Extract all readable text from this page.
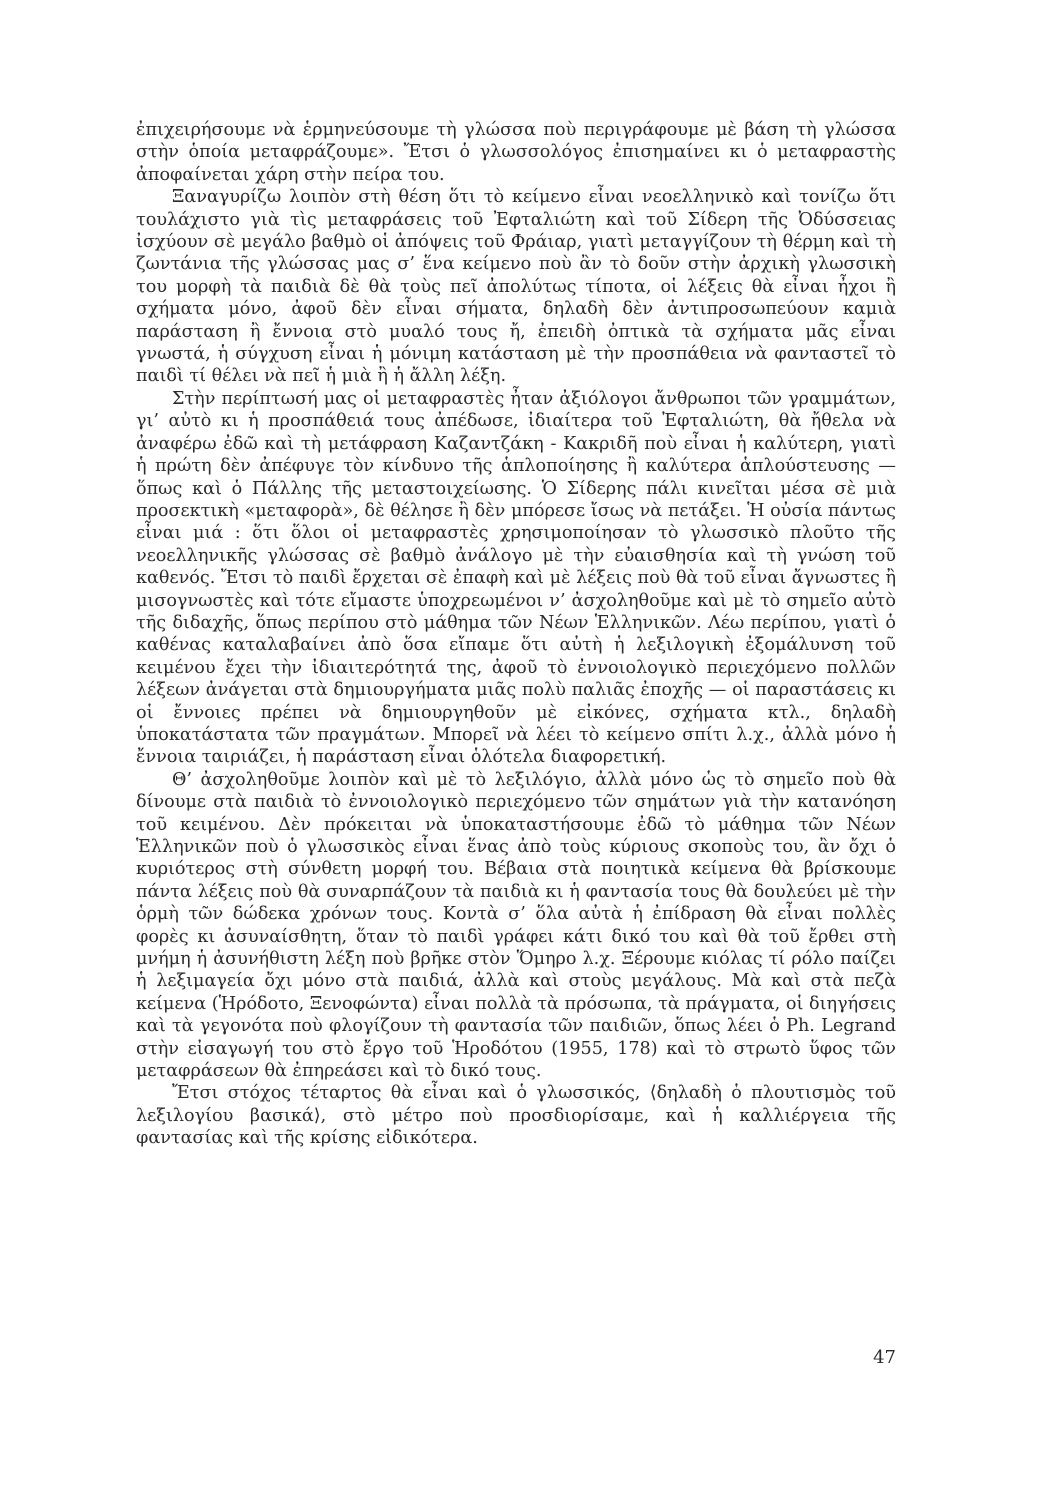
ἐπιχειρήσουμε νὰ ἑρμηνεύσουμε τὴ γλώσσα ποὺ περιγράφουμε μὲ βάση τὴ γλώσσα στὴν ὁποία μεταφράζουμε». Ἔτσι ὁ γλωσσολόγος ἐπισημαίνει κι ὁ μεταφραστὴς ἀποφαίνεται χάρη στὴν πείρα του.

Ξαναγυρίζω λοιπὸν στὴ θέση ὅτι τὸ κείμενο εἶναι νεοελληνικὸ καὶ τονίζω ὅτι τουλάχιστο γιὰ τὶς μεταφράσεις τοῦ Ἐφταλιώτη καὶ τοῦ Σίδερη τῆς Ὀδύσσειας ἰσχύουν σὲ μεγάλο βαθμὸ οἱ ἀπόψεις τοῦ Φράιαρ, γιατὶ μεταγγίζουν τὴ θέρμη καὶ τὴ ζωντάνια τῆς γλώσσας μας σ’ ἕνα κείμενο ποὺ ἂν τὸ δοῦν στὴν ἀρχικὴ γλωσσικὴ του μορφὴ τὰ παιδιὰ δὲ θὰ τοὺς πεῖ ἀπολύτως τίποτα, οἱ λέξεις θὰ εἶναι ἦχοι ἢ σχήματα μόνο, ἀφοῦ δὲν εἶναι σήματα, δηλαδὴ δὲν ἀντιπροσωπεύουν καμιὰ παράσταση ἢ ἔννοια στὸ μυαλό τους ἤ, ἐπειδὴ ὀπτικὰ τὰ σχήματα μᾶς εἶναι γνωστά, ἡ σύγχυση εἶναι ἡ μόνιμη κατάσταση μὲ τὴν προσπάθεια νὰ φανταστεῖ τὸ παιδὶ τί θέλει νὰ πεῖ ἡ μιὰ ἢ ἡ ἄλλη λέξη.

Στὴν περίπτωσή μας οἱ μεταφραστὲς ἦταν ἀξιόλογοι ἄνθρωποι τῶν γραμμάτων, γι’ αὐτὸ κι ἡ προσπάθειά τους ἀπέδωσε, ἰδιαίτερα τοῦ Ἐφταλιώτη, θὰ ἤθελα νὰ ἀναφέρω ἐδῶ καὶ τὴ μετάφραση Καζαντζάκη - Κακριδῆ ποὺ εἶναι ἡ καλύτερη, γιατὶ ἡ πρώτη δὲν ἀπέφυγε τὸν κίνδυνο τῆς ἁπλοποίησης ἢ καλύτερα ἁπλούστευσης — ὅπως καὶ ὁ Πάλλης τῆς μεταστοιχείωσης. Ὁ Σίδερης πάλι κινεῖται μέσα σὲ μιὰ προσεκτικὴ «μεταφορὰ», δὲ θέλησε ἢ δὲν μπόρεσε ἴσως νὰ πετάξει. Ἡ οὐσία πάντως εἶναι μιά : ὅτι ὅλοι οἱ μεταφραστὲς χρησιμοποίησαν τὸ γλωσσικὸ πλοῦτο τῆς νεοελληνικῆς γλώσσας σὲ βαθμὸ ἀνάλογο μὲ τὴν εὐαισθησία καὶ τὴ γνώση τοῦ καθενός. Ἔτσι τὸ παιδὶ ἔρχεται σὲ ἐπαφὴ καὶ μὲ λέξεις ποὺ θὰ τοῦ εἶναι ἄγνωστες ἢ μισογνωστὲς καὶ τότε εἴμαστε ὑποχρεωμένοι ν’ ἀσχοληθοῦμε καὶ μὲ τὸ σημεῖο αὐτὸ τῆς διδαχῆς, ὅπως περίπου στὸ μάθημα τῶν Νέων Ἑλληνικῶν. Λέω περίπου, γιατὶ ὁ καθένας καταλαβαίνει ἀπὸ ὅσα εἴπαμε ὅτι αὐτὴ ἡ λεξιλογικὴ ἐξομάλυνση τοῦ κειμένου ἔχει τὴν ἰδιαιτερότητά της, ἀφοῦ τὸ ἐννοιολογικὸ περιεχόμενο πολλῶν λέξεων ἀνάγεται στὰ δημιουργήματα μιᾶς πολὺ παλιᾶς ἐποχῆς — οἱ παραστάσεις κι οἱ ἔννοιες πρέπει νὰ δημιουργηθοῦν μὲ εἰκόνες, σχήματα κτλ., δηλαδὴ ὑποκατάστατα τῶν πραγμάτων. Μπορεῖ νὰ λέει τὸ κείμενο σπίτι λ.χ., ἀλλὰ μόνο ἡ ἔννοια ταιριάζει, ἡ παράσταση εἶναι ὁλότελα διαφορετική.

Θ’ ἀσχοληθοῦμε λοιπὸν καὶ μὲ τὸ λεξιλόγιο, ἀλλὰ μόνο ὡς τὸ σημεῖο ποὺ θὰ δίνουμε στὰ παιδιὰ τὸ ἐννοιολογικὸ περιεχόμενο τῶν σημάτων γιὰ τὴν κατανόηση τοῦ κειμένου. Δὲν πρόκειται νὰ ὑποκαταστήσουμε ἐδῶ τὸ μάθημα τῶν Νέων Ἑλληνικῶν ποὺ ὁ γλωσσικὸς εἶναι ἕνας ἀπὸ τοὺς κύριους σκοποὺς του, ἂν ὄχι ὁ κυριότερος στὴ σύνθετη μορφή του. Βέβαια στὰ ποιητικὰ κείμενα θὰ βρίσκουμε πάντα λέξεις ποὺ θὰ συναρπάζουν τὰ παιδιὰ κι ἡ φαντασία τους θὰ δουλεύει μὲ τὴν ὁρμὴ τῶν δώδεκα χρόνων τους. Κοντὰ σ’ ὅλα αὐτὰ ἡ ἐπίδραση θὰ εἶναι πολλὲς φορὲς κι ἀσυναίσθητη, ὅταν τὸ παιδὶ γράφει κάτι δικό του καὶ θὰ τοῦ ἔρθει στὴ μνήμη ἡ ἀσυνήθιστη λέξη ποὺ βρῆκε στὸν Ὅμηρο λ.χ. Ξέρουμε κιόλας τί ρόλο παίζει ἡ λεξιμαγεία ὄχι μόνο στὰ παιδιά, ἀλλὰ καὶ στοὺς μεγάλους. Μὰ καὶ στὰ πεζὰ κείμενα (Ἡρόδοτο, Ξενοφώντα) εἶναι πολλὰ τὰ πρόσωπα, τὰ πράγματα, οἱ διηγήσεις καὶ τὰ γεγονότα ποὺ φλογίζουν τὴ φαντασία τῶν παιδιῶν, ὅπως λέει ὁ Ph. Legrand στὴν εἰσαγωγή του στὸ ἔργο τοῦ Ἡροδότου (1955, 178) καὶ τὸ στρωτὸ ὕφος τῶν μεταφράσεων θὰ ἐπηρεάσει καὶ τὸ δικό τους.

Ἔτσι στόχος τέταρτος θὰ εἶναι καὶ ὁ γλωσσικός, ⟨δηλαδὴ ὁ πλουτισμὸς τοῦ λεξιλογίου βασικά⟩, στὸ μέτρο ποὺ προσδιορίσαμε, καὶ ἡ καλλιέργεια τῆς φαντασίας καὶ τῆς κρίσης εἰδικότερα.

47
